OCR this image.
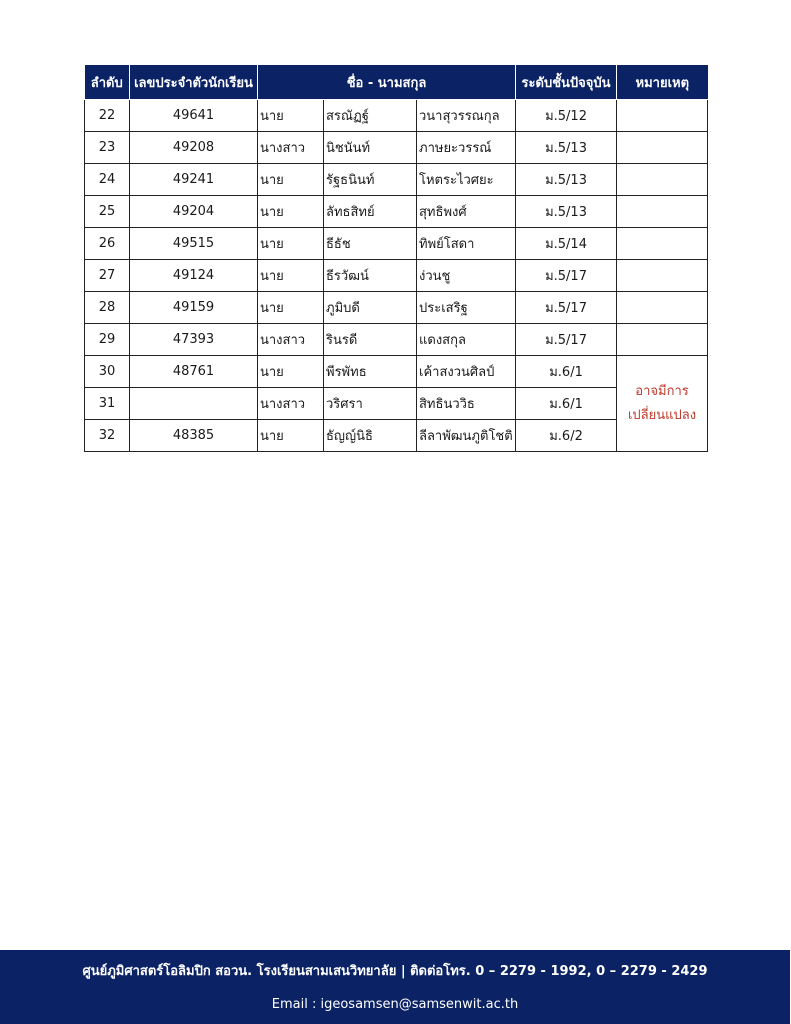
ลำดับ	เลขประจำตัวนักเรียน	ชื่อ - นามสกุล			ระดับชั้นปัจจุบัน	หมายเหตุ
22	49641	นาย	สรณัฏฐ์	วนาสุวรรณกุล	ม.5/12	
23	49208	นางสาว	นิชนันท์	ภาษยะวรรณ์	ม.5/13	
24	49241	นาย	รัฐธนินท์	โหตระไวศยะ	ม.5/13	
25	49204	นาย	ลัทธสิทย์	สุทธิพงศ์	ม.5/13	
26	49515	นาย	ธีธัช	ทิพย์โสดา	ม.5/14	
27	49124	นาย	ธีรวัฒน์	ง่วนชู	ม.5/17	
28	49159	นาย	ภูมิบดี	ประเสริฐ	ม.5/17	
29	47393	นางสาว	รินรดี	แดงสกุล	ม.5/17	
30	48761	นาย	พีรพัทธ	เค้าสงวนศิลป์	ม.6/1	อาจมีการ
เปลี่ยนแปลง
31		นางสาว	วริศรา	สิทธินววิธ	ม.6/1	
32	48385	นาย	ธัญญ์นิธิ	ลีลาพัฒนภูติโชติ	ม.6/2	
ศูนย์ภูมิศาสตร์โอลิมปิก สอวน. โรงเรียนสามเสนวิทยาลัย | ติดต่อโทร. 0 – 2279 - 1992, 0 – 2279 - 2429
Email : igeosamsen@samsenwit.ac.th
